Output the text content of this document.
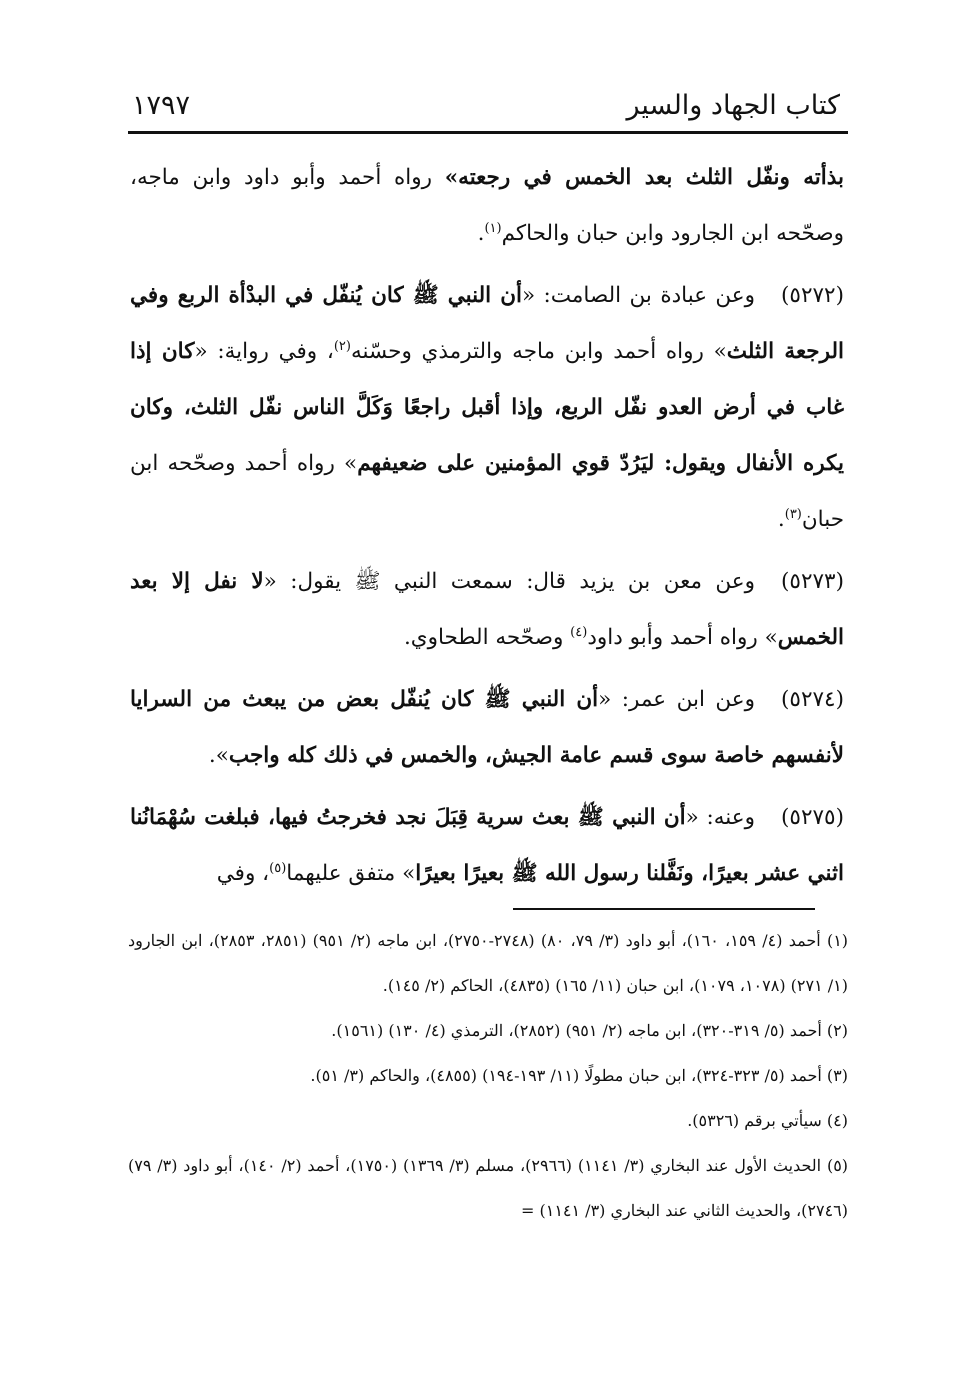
كتاب الجهاد والسير
١٧٩٧

بذأته ونفّل الثلث بعد الخمس في رجعته» رواه أحمد وأبو داود وابن ماجه، وصحّحه ابن الجارود وابن حبان والحاكم$^{(١)}$.

(٥٢٧٢)وعن عبادة بن الصامت: «أن النبي ﷺ كان يُنفّل في البدْأة الربع وفي الرجعة الثلث» رواه أحمد وابن ماجه والترمذي وحسّنه$^{(٢)}$، وفي رواية: «كان إذا غاب في أرض العدو نفّل الربع، وإذا أقبل راجعًا وَكَلَّ الناس نفّل الثلث، وكان يكره الأنفال ويقول: ليَرُدّ قوي المؤمنين على ضعيفهم» رواه أحمد وصحّحه ابن حبان$^{(٣)}$.

(٥٢٧٣)وعن معن بن يزيد قال: سمعت النبي ﷺ يقول: «لا نفل إلا بعد الخمس» رواه أحمد وأبو داود$^{(٤)}$ وصحّحه الطحاوي.

(٥٢٧٤)وعن ابن عمر: «أن النبي ﷺ كان يُنفّل بعض من يبعث من السرايا لأنفسهم خاصة سوى قسم عامة الجيش، والخمس في ذلك كله واجب».

(٥٢٧٥)وعنه: «أن النبي ﷺ بعث سرية قِبَلَ نجد فخرجتُ فيها، فبلغت سُهْمَانُنا اثني عشر بعيرًا، ونَفَّلنا رسول الله ﷺ بعيرًا بعيرًا» متفق عليهما$^{(٥)}$، وفي

(١) أحمد (٤/ ١٥٩، ١٦٠)، أبو داود (٣/ ٧٩، ٨٠) (٢٧٤٨-٢٧٥٠)، ابن ماجه (٢/ ٩٥١) (٢٨٥١، ٢٨٥٣)، ابن الجارود (١/ ٢٧١) (١٠٧٨، ١٠٧٩)، ابن حبان (١١/ ١٦٥) (٤٨٣٥)، الحاكم (٢/ ١٤٥).

(٢) أحمد (٥/ ٣١٩-٣٢٠)، ابن ماجه (٢/ ٩٥١) (٢٨٥٢)، الترمذي (٤/ ١٣٠) (١٥٦١).

(٣) أحمد (٥/ ٣٢٣-٣٢٤)، ابن حبان مطولًا (١١/ ١٩٣-١٩٤) (٤٨٥٥)، والحاكم (٣/ ٥١).

(٤) سيأتي برقم (٥٣٢٦).

(٥) الحديث الأول عند البخاري (٣/ ١١٤١) (٢٩٦٦)، مسلم (٣/ ١٣٦٩) (١٧٥٠)، أحمد (٢/ ١٤٠)، أبو داود (٣/ ٧٩)(٢٧٤٦)، والحديث الثاني عند البخاري (٣/ ١١٤١) =
